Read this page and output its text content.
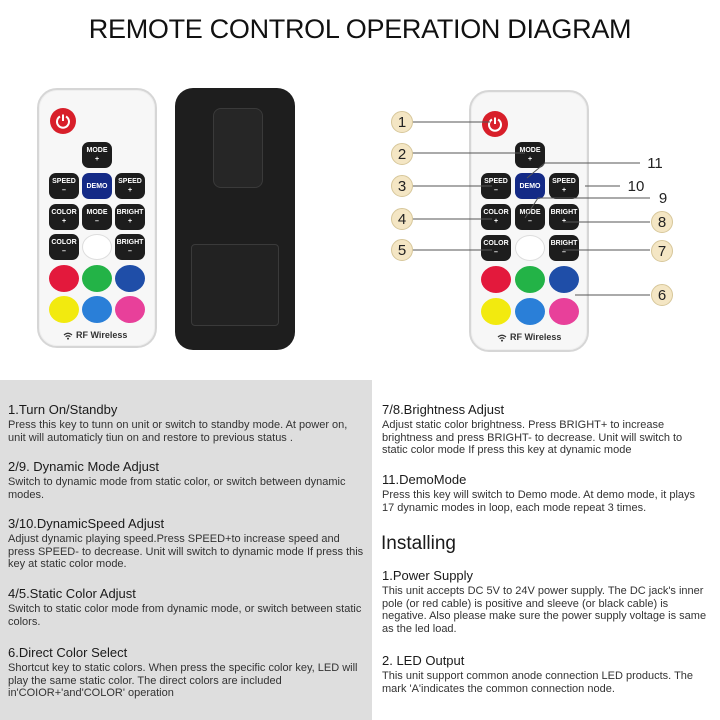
REMOTE CONTROL OPERATION DIAGRAM
MODE
+
SPEED
–
DEMO
SPEED
+
COLOR
+
MODE
–
BRIGHT
+
COLOR
–
BRIGHT
–
RF Wireless
MODE
+
SPEED
–
DEMO
SPEED
+
COLOR
+
MODE
–
BRIGHT
+
COLOR
–
BRIGHT
–
RF Wireless
1
2
3
4
5
6
7
8
9
10
11
1.Turn On/Standby

Press this key to tunn on unit or switch to standby mode. At power on, unit will automaticly tiun on and restore to previous status .

2/9. Dynamic Mode Adjust

Switch to dynamic mode from static color, or switch between dynamic modes.

3/10.DynamicSpeed Adjust

Adjust dynamic playing speed.Press SPEED+to increase speed and press SPEED- to decrease. Unit will switch to dynamic mode If press this key at static color mode.

4/5.Static Color Adjust

Switch to static color mode from dynamic mode, or switch between static colors.

6.Direct Color Select

Shortcut key to static colors. When press the specific color key, LED will play the same static color. The direct colors are included in'COIOR+'and'COLOR' operation

7/8.Brightness Adjust

Adjust static color brightness. Press BRIGHT+ to increase brightness and press BRIGHT- to decrease. Unit will switch to static color mode If press this key at dynamic mode

11.DemoMode

Press this key will switch to Demo mode. At demo mode, it plays 17 dynamic modes in loop, each mode repeat 3 times.

Installing
1.Power Supply

This unit accepts DC 5V to 24V power supply. The DC jack's inner pole (or red cable) is positive and sleeve (or black cable) is negative. Also please make sure the power supply voltage is same as the led load.

2. LED Output

This unit support common anode connection LED products. The mark 'A'indicates the common connection node.
